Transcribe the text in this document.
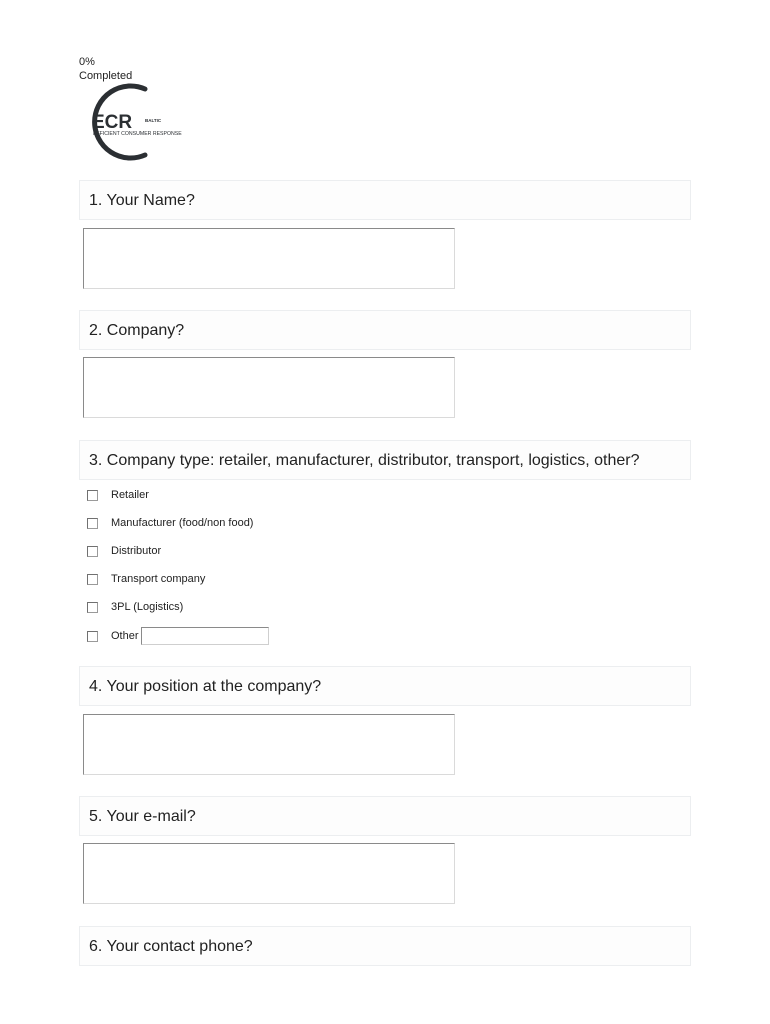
0%
Completed
ECR	BALTIC
EFFICIENT CONSUMER RESPONSE
1. Your Name?
2. Company?
3. Company type: retailer, manufacturer, distributor, transport, logistics, other?
Retailer
Manufacturer (food/non food)
Distributor
Transport company
3PL (Logistics)
Other
4. Your position at the company?
5. Your e-mail?
6. Your contact phone?
